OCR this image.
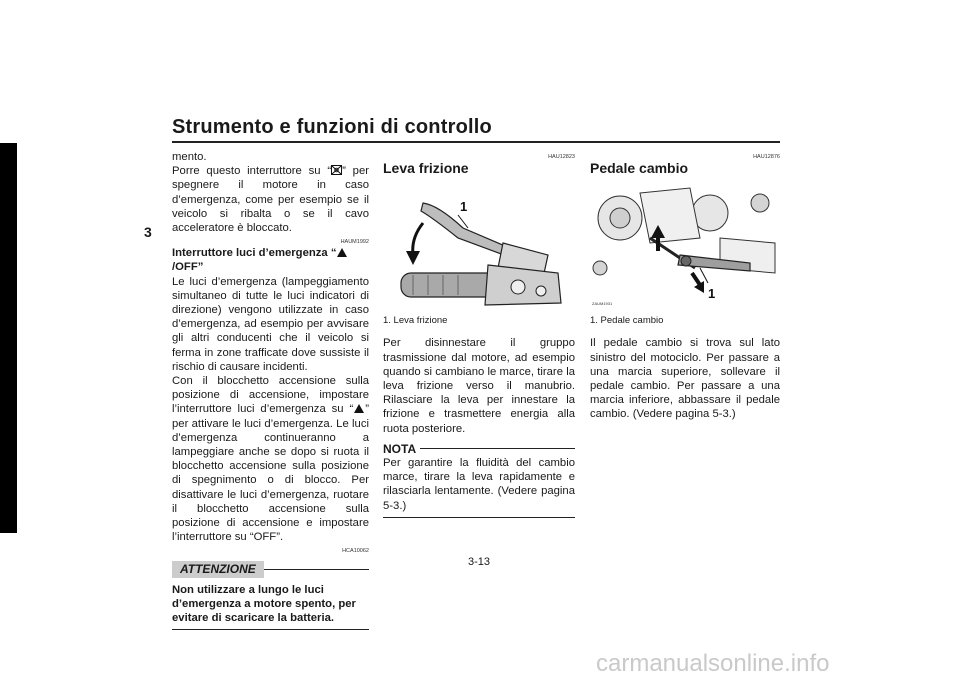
Strumento e funzioni di controllo
3

mento.

Porre questo interruttore su “ ” per spegnere il motore in caso d’emergenza, come per esempio se il veicolo si ribalta o se il cavo acceleratore è bloccato.

HAUM1992

Interruttore luci d’emergenza “/OFF”

Le luci d’emergenza (lampeggiamento simultaneo di tutte le luci indicatori di direzione) vengono utilizzate in caso d’emergenza, ad esempio per avvisare gli altri conducenti che il veicolo si ferma in zone trafficate dove sussiste il rischio di causare incidenti.

Con il blocchetto accensione sulla posizione di accensione, impostare l’interruttore luci d’emergenza su “ ” per attivare le luci d’emergenza. Le luci d’emergenza continueranno a lampeggiare anche se dopo si ruota il blocchetto accensione sulla posizione di spegnimento o di blocco. Per disattivare le luci d’emergenza, ruotare il blocchetto accensione sulla posizione di accensione e impostare l’interruttore su “OFF”.

HCA10062
ATTENZIONE

Non utilizzare a lungo le luci d’emergenza a motore spento, per evitare di scaricare la batteria.

HAU12823

Leva frizione

1

1. Leva frizione

Per disinnestare il gruppo trasmissione dal motore, ad esempio quando si cambiano le marce, tirare la leva frizione verso il manubrio. Rilasciare la leva per innestare la frizione e trasmettere energia alla ruota posteriore.

NOTA

Per garantire la fluidità del cambio marce, tirare la leva rapidamente e rilasciarla lentamente. (Vedere pagina 5-3.)

HAU12876

Pedale cambio

1
ZAUM1931

1. Pedale cambio

Il pedale cambio si trova sul lato sinistro del motociclo. Per passare a una marcia superiore, sollevare il pedale cambio. Per passare a una marcia inferiore, abbassare il pedale cambio. (Vedere pagina 5-3.)

3-13
carmanualsonline.info
